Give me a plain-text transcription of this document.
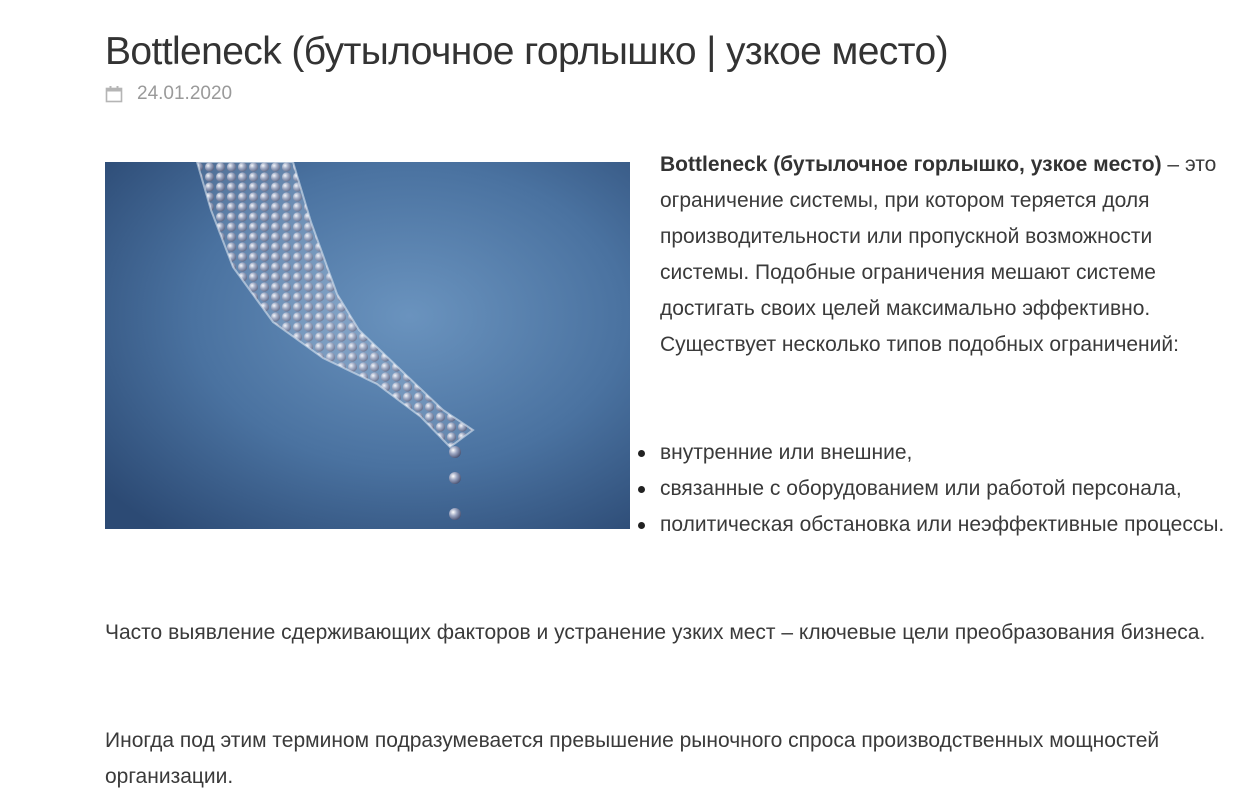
Bottleneck (бутылочное горлышко | узкое место)
24.01.2020

Bottleneck (бутылочное горлышко, узкое место) – это ограничение системы, при котором теряется доля производительности или пропускной возможности системы. Подобные ограничения мешают системе достигать своих целей максимально эффективно. Существует несколько типов подобных ограничений:

внутренние или внешние,
связанные с оборудованием или работой персонала,
политическая обстановка или неэффективные процессы.

Часто выявление сдерживающих факторов и устранение узких мест – ключевые цели преобразования бизнеса.

Иногда под этим термином подразумевается превышение рыночного спроса производственных мощностей организации.
